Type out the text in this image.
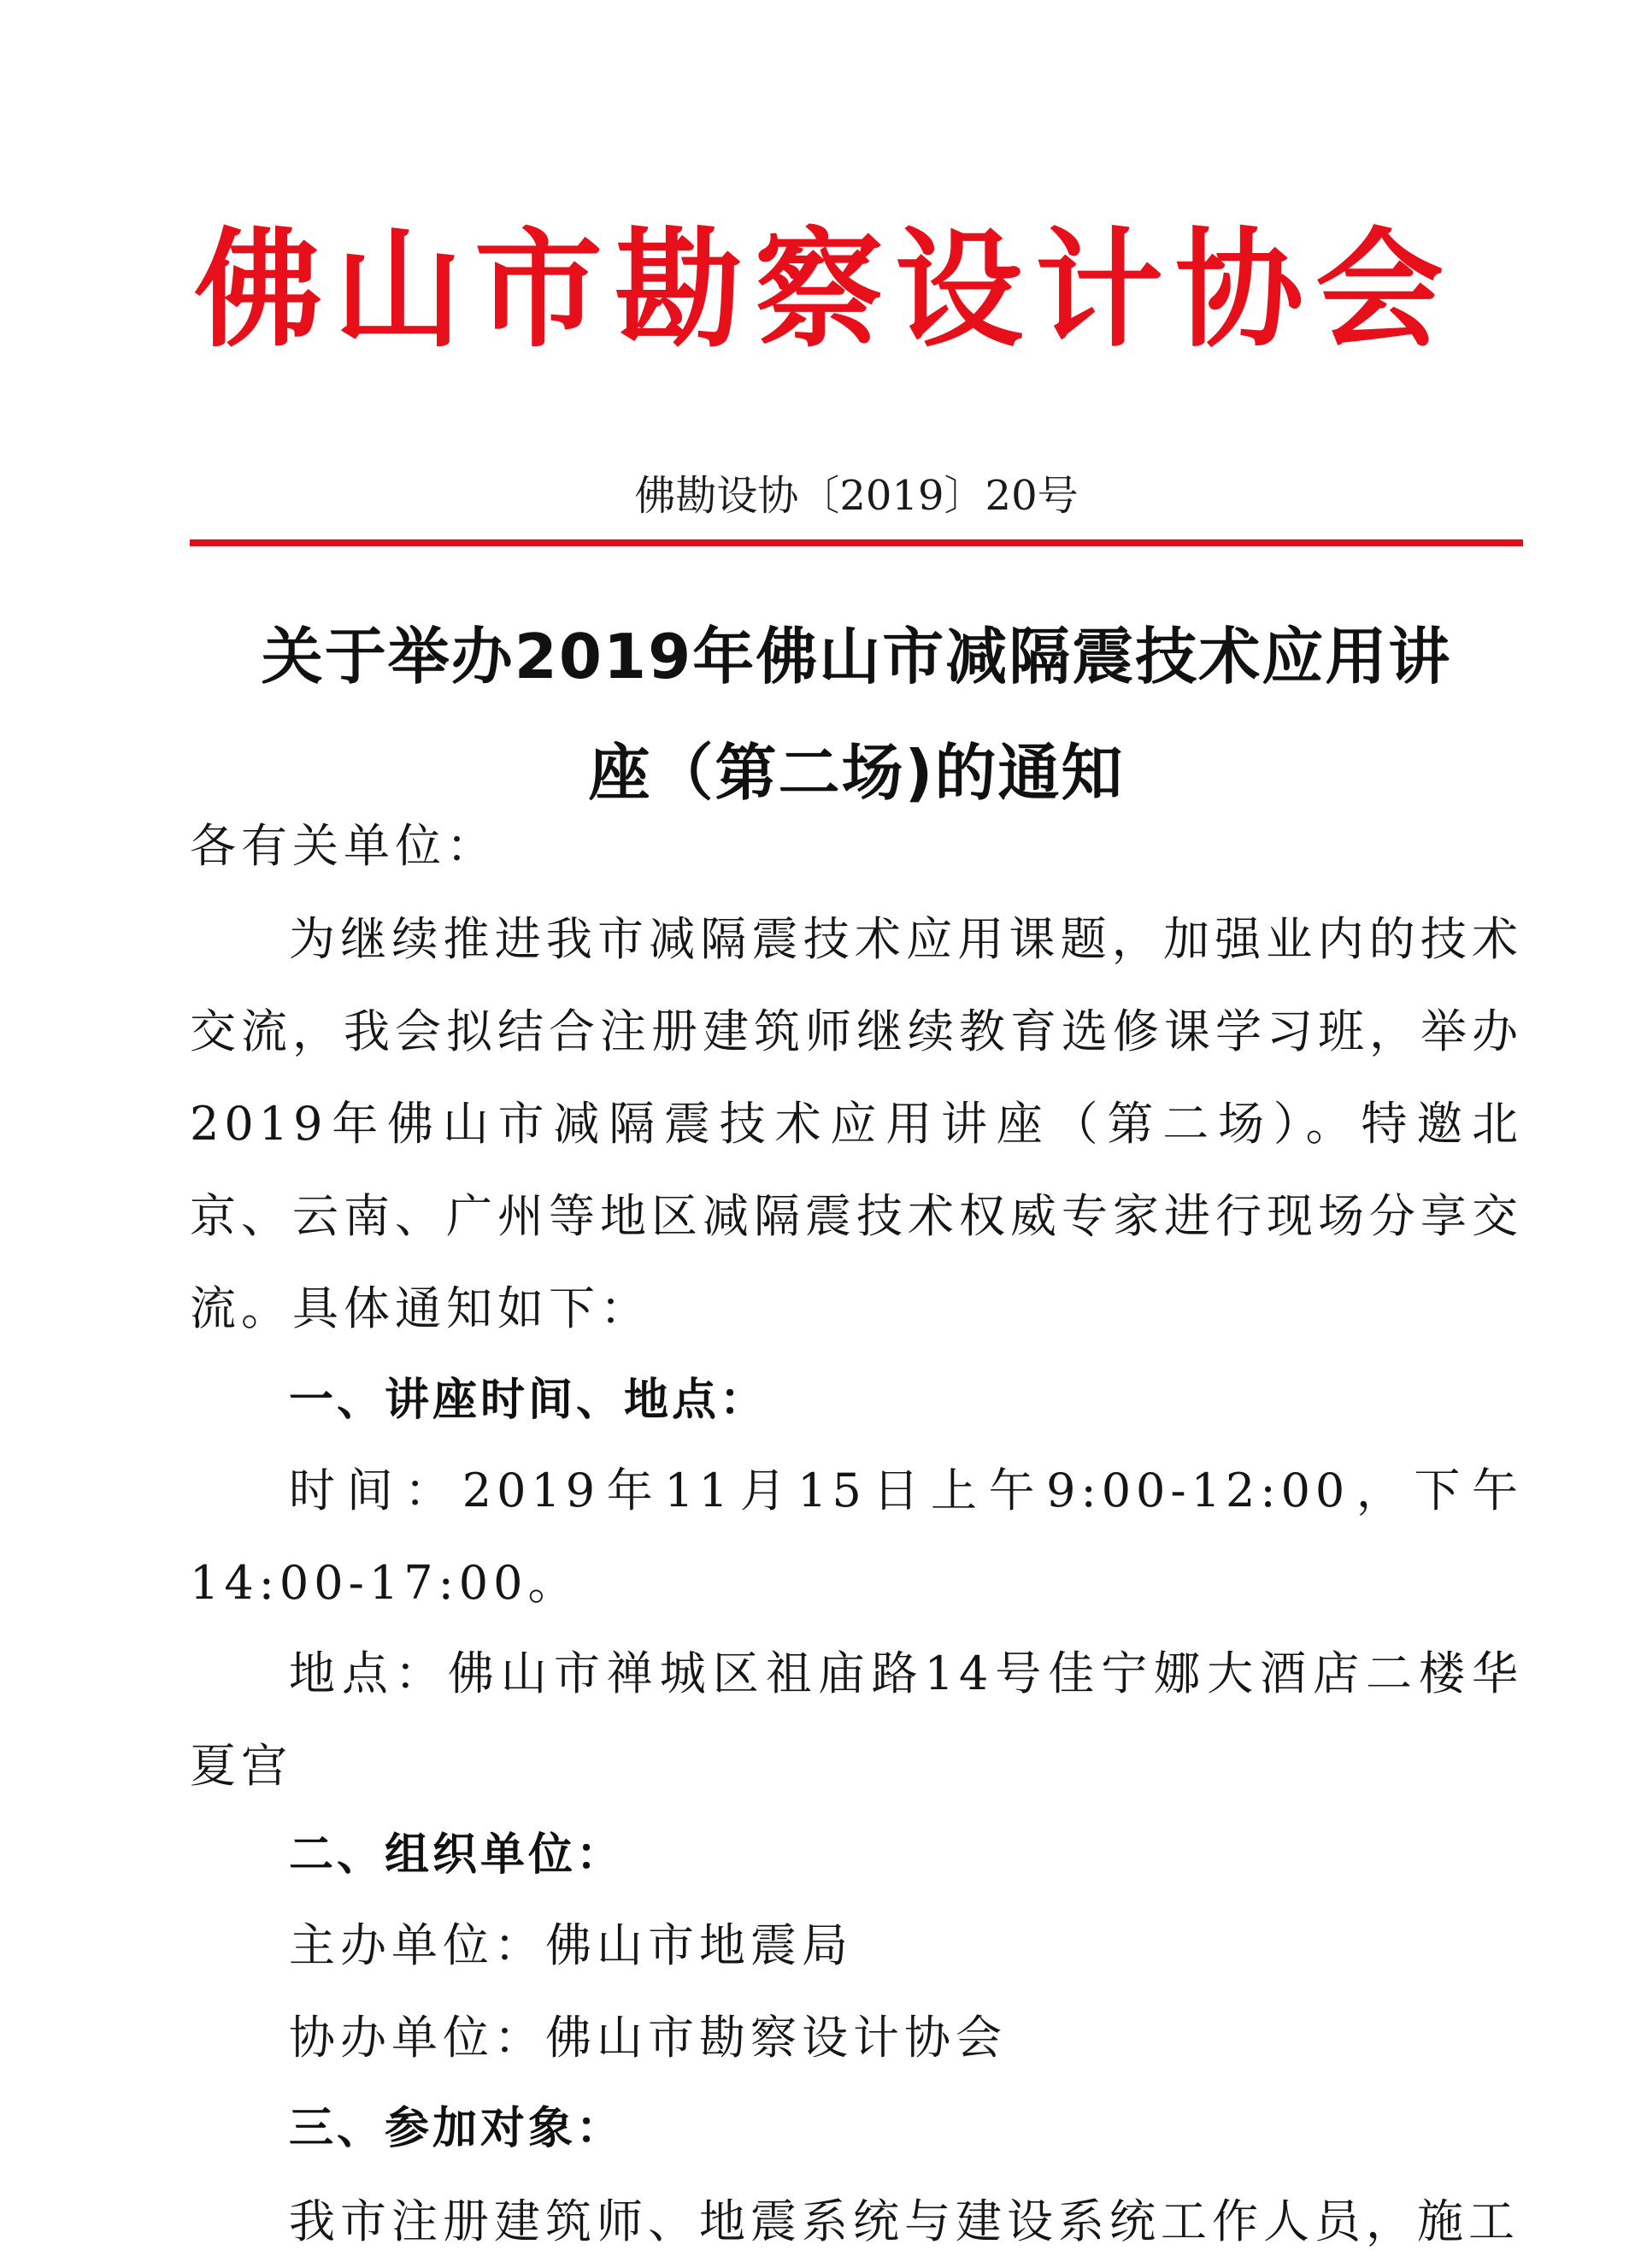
佛山市勘察设计协会
佛勘设协〔2019〕20号
关于举办2019年佛山市减隔震技术应用讲
座（第二场)的通知
各有关单位：
为继续推进我市减隔震技术应用课题，加强业内的技术交流，我会拟结合注册建筑师继续教育选修课学习班，举办2019年佛山市减隔震技术应用讲座（第二场）。特邀北京、云南、广州等地区减隔震技术权威专家进行现场分享交流。具体通知如下：
一、讲座时间、地点：
时间：2019年11月15日上午9:00-12:00，下午14:00-17:00。
地点：佛山市禅城区祖庙路14号佳宁娜大酒店二楼华夏宫
二、组织单位：
主办单位：佛山市地震局
协办单位：佛山市勘察设计协会
三、参加对象：
我市注册建筑师、地震系统与建设系统工作人员，施工
